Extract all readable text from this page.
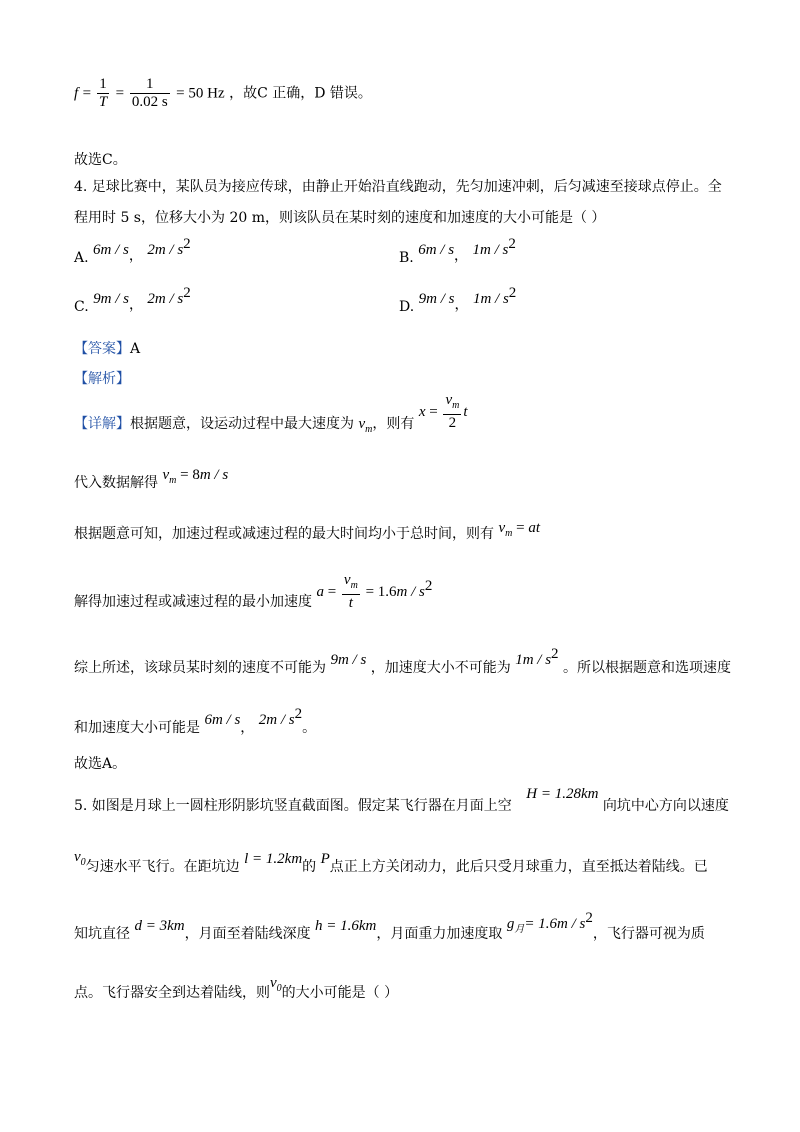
$f = \frac{1}{T} = \frac{1}{0.02 s} = 50$ Hz ，故C 正确，D 错误。
故选C。
4. 足球比赛中，某队员为接应传球，由静止开始沿直线跑动，先匀加速冲刺，后匀减速至接球点停止。全
程用时 5 s，位移大小为 20 m，则该队员在某时刻的速度和加速度的大小可能是（ ）
A. 6m / s， $2m / s^2$
B. 6m / s， $1m / s^2$
C. 9m / s， $2m / s^2$
D. 9m / s， $1m / s^2$
【答案】A
【解析】
【详解】根据题意，设运动过程中最大速度为 $v_m$，则有 $x = \frac{v_m}{2}$ t
代入数据解得 $v_m = 8m / s$
根据题意可知，加速过程或减速过程的最大时间均小于总时间，则有 $v_m$ = at
解得加速过程或减速过程的最小加速度 $a = \frac{v_m}{t} = 1.6m / s^2$
综上所述，该球员某时刻的速度不可能为 9m / s ，加速度大小不可能为 $1m / s^2$ 。所以根据题意和选项速度
和加速度大小可能是 6m / s， $2m / s^2$。
故选A。
5. 如图是月球上一圆柱形阴影坑竖直截面图。假定某飞行器在月面上空 H = 1.28km 向坑中心方向以速度
$v_0$匀速水平飞行。在距坑边 l = 1.2km的 P点正上方关闭动力，此后只受月球重力，直至抵达着陆线。已
知坑直径 d = 3km，月面至着陆线深度 h = 1.6km，月面重力加速度取 $g_月= 1.6m / s^2$，飞行器可视为质
点。飞行器安全到达着陆线，则$v_0$的大小可能是（ ）
